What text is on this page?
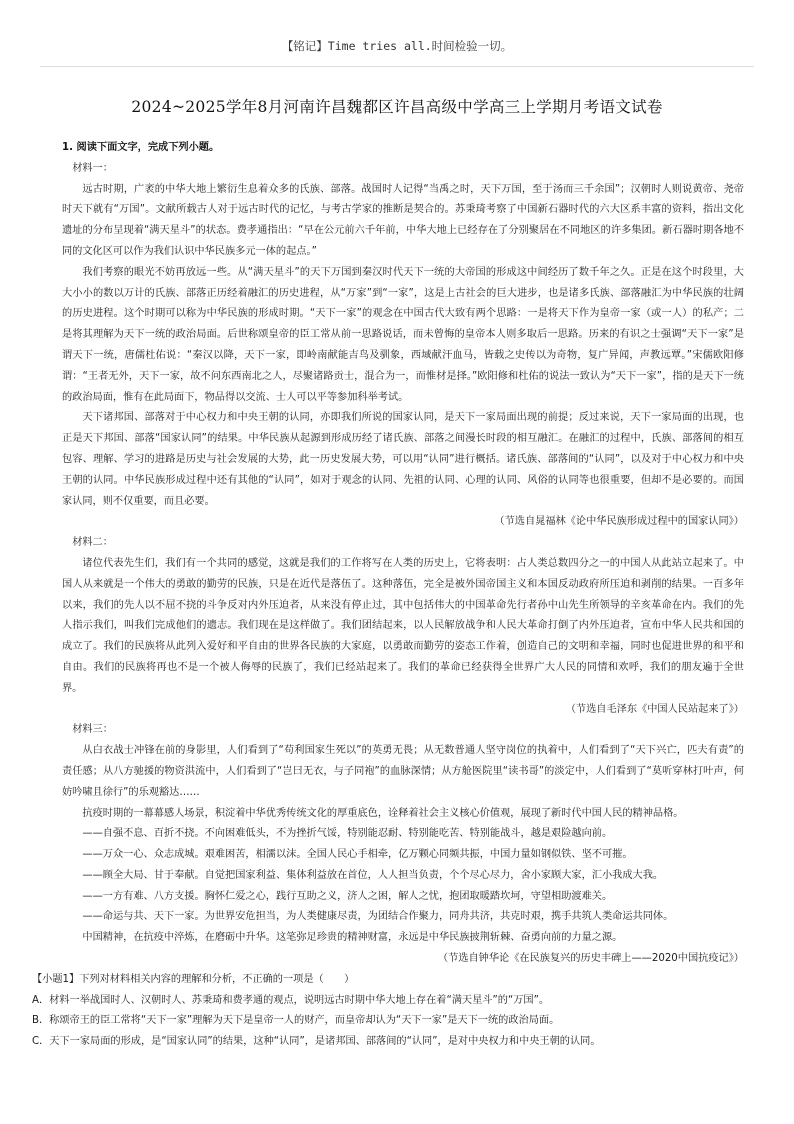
【铭记】Time tries all.时间检验一切。
2024~2025学年8月河南许昌魏都区许昌高级中学高三上学期月考语文试卷

1. 阅读下面文字，完成下列小题。

材料一：

远古时期，广袤的中华大地上繁衍生息着众多的氏族、部落。战国时人记得“当禹之时，天下万国，至于汤而三千余国”；汉朝时人则说黄帝、尧帝时天下就有“万国”。文献所载古人对于远古时代的记忆，与考古学家的推断是契合的。苏秉琦考察了中国新石器时代的六大区系丰富的资料，指出文化遗址的分布呈现着“满天星斗”的状态。费孝通指出：“早在公元前六千年前，中华大地上已经存在了分别聚居在不同地区的许多集团。新石器时期各地不同的文化区可以作为我们认识中华民族多元一体的起点。”

我们考察的眼光不妨再放远一些。从“满天星斗”的天下万国到秦汉时代天下一统的大帝国的形成这中间经历了数千年之久。正是在这个时段里，大大小小的数以万计的氏族、部落正历经着融汇的历史进程，从“万家”到“一家”，这是上古社会的巨大进步，也是诸多氏族、部落融汇为中华民族的壮阔的历史进程。这个时期可以称为中华民族的形成时期。“天下一家”的观念在中国古代大致有两个思路：一是将天下作为皇帝一家（或一人）的私产；二是将其理解为天下一统的政治局面。后世称颂皇帝的臣工常从前一思路说话，而未曾悔的皇帝本人则多取后一思路。历来的有识之士强调“天下一家”是谓天下一统，唐儒杜佑说：“秦汉以降，天下一家，即岭南献能吉鸟及驯象，西域献汗血马，皆载之史传以为奇物，复广异闻，声教远覃。”宋儒欧阳修谓：“王者无外，天下一家，故不问东西南北之人，尽聚诸路贡士，混合为一，而惟材是择。”欧阳修和杜佑的说法一致认为“天下一家”，指的是天下一统的政治局面，惟有在此局面下，物品得以交流、士人可以平等参加科举考试。

天下诸邦国、部落对于中心权力和中央王朝的认同，亦即我们所说的国家认同，是天下一家局面出现的前提；反过来说，天下一家局面的出现，也正是天下邦国、部落“国家认同”的结果。中华民族从起源到形成历经了诸氏族、部落之间漫长时段的相互融汇。在融汇的过程中，氏族、部落间的相互包容、理解、学习的进路是历史与社会发展的大势，此一历史发展大势，可以用“认同”进行概括。诸氏族、部落间的“认同”，以及对于中心权力和中央王朝的认同。中华民族形成过程中还有其他的“认同”，如对于观念的认同、先祖的认同、心理的认同、风俗的认同等也很重要，但却不是必要的。而国家认同，则不仅重要，而且必要。

（节选自晁福林《论中华民族形成过程中的国家认同》）

材料二：

诸位代表先生们，我们有一个共同的感觉，这就是我们的工作将写在人类的历史上，它将表明：占人类总数四分之一的中国人从此站立起来了。中国人从来就是一个伟大的勇敢的勤劳的民族，只是在近代是落伍了。这种落伍，完全是被外国帝国主义和本国反动政府所压迫和剥削的结果。一百多年以来，我们的先人以不屈不挠的斗争反对内外压迫者，从来没有停止过，其中包括伟大的中国革命先行者孙中山先生所领导的辛亥革命在内。我们的先人指示我们，叫我们完成他们的遗志。我们现在是这样做了。我们团结起来，以人民解放战争和人民大革命打倒了内外压迫者，宣布中华人民共和国的成立了。我们的民族将从此列入爱好和平自由的世界各民族的大家庭，以勇敢而勤劳的姿态工作着，创造自己的文明和幸福，同时也促进世界的和平和自由。我们的民族将再也不是一个被人侮辱的民族了，我们已经站起来了。我们的革命已经获得全世界广大人民的同情和欢呼，我们的朋友遍于全世界。

（节选自毛泽东《中国人民站起来了》）

材料三：

从白衣战士冲锋在前的身影里，人们看到了“苟利国家生死以”的英勇无畏；从无数普通人坚守岗位的执着中，人们看到了“天下兴亡，匹夫有责”的责任感；从八方驰援的物资洪流中，人们看到了“岂曰无衣，与子同袍”的血脉深情；从方舱医院里“读书哥”的淡定中，人们看到了“莫听穿林打叶声，何妨吟啸且徐行”的乐观豁达……

抗疫时期的一幕幕感人场景，积淀着中华优秀传统文化的厚重底色，诠释着社会主义核心价值观，展现了新时代中国人民的精神品格。

——自强不息、百折不挠。不向困难低头，不为挫折气馁，特别能忍耐、特别能吃苦、特别能战斗，越是艰险越向前。

——万众一心、众志成城。艰难困苦，相濡以沫。全国人民心手相牵，亿万颗心同频共振，中国力量如钢似铁、坚不可摧。

——顾全大局、甘于奉献。自觉把国家利益、集体利益放在首位，人人担当负责，个个尽心尽力，舍小家顾大家，汇小我成大我。

——一方有难、八方支援。胸怀仁爱之心，践行互助之义，济人之困，解人之忧，抱团取暖踏坎坷，守望相助渡难关。

——命运与共、天下一家。为世界安危担当，为人类健康尽责，为团结合作聚力，同舟共济，共克时艰，携手共筑人类命运共同体。

中国精神，在抗疫中淬炼，在磨砺中升华。这笔弥足珍贵的精神财富，永远是中华民族披荆斩棘、奋勇向前的力量之源。

（节选自钟华论《在民族复兴的历史丰碑上——2020中国抗疫记》）

【小题1】下列对材料相关内容的理解和分析，不正确的一项是（　　）

A．材料一举战国时人、汉朝时人、苏秉琦和费孝通的观点，说明远古时期中华大地上存在着“满天星斗”的“万国”。

B．称颂帝王的臣工常将“天下一家”理解为天下是皇帝一人的财产，而皇帝却认为“天下一家”是天下一统的政治局面。

C．天下一家局面的形成，是“国家认同”的结果，这种“认同”，是诸邦国、部落间的“认同”，是对中央权力和中央王朝的认同。
